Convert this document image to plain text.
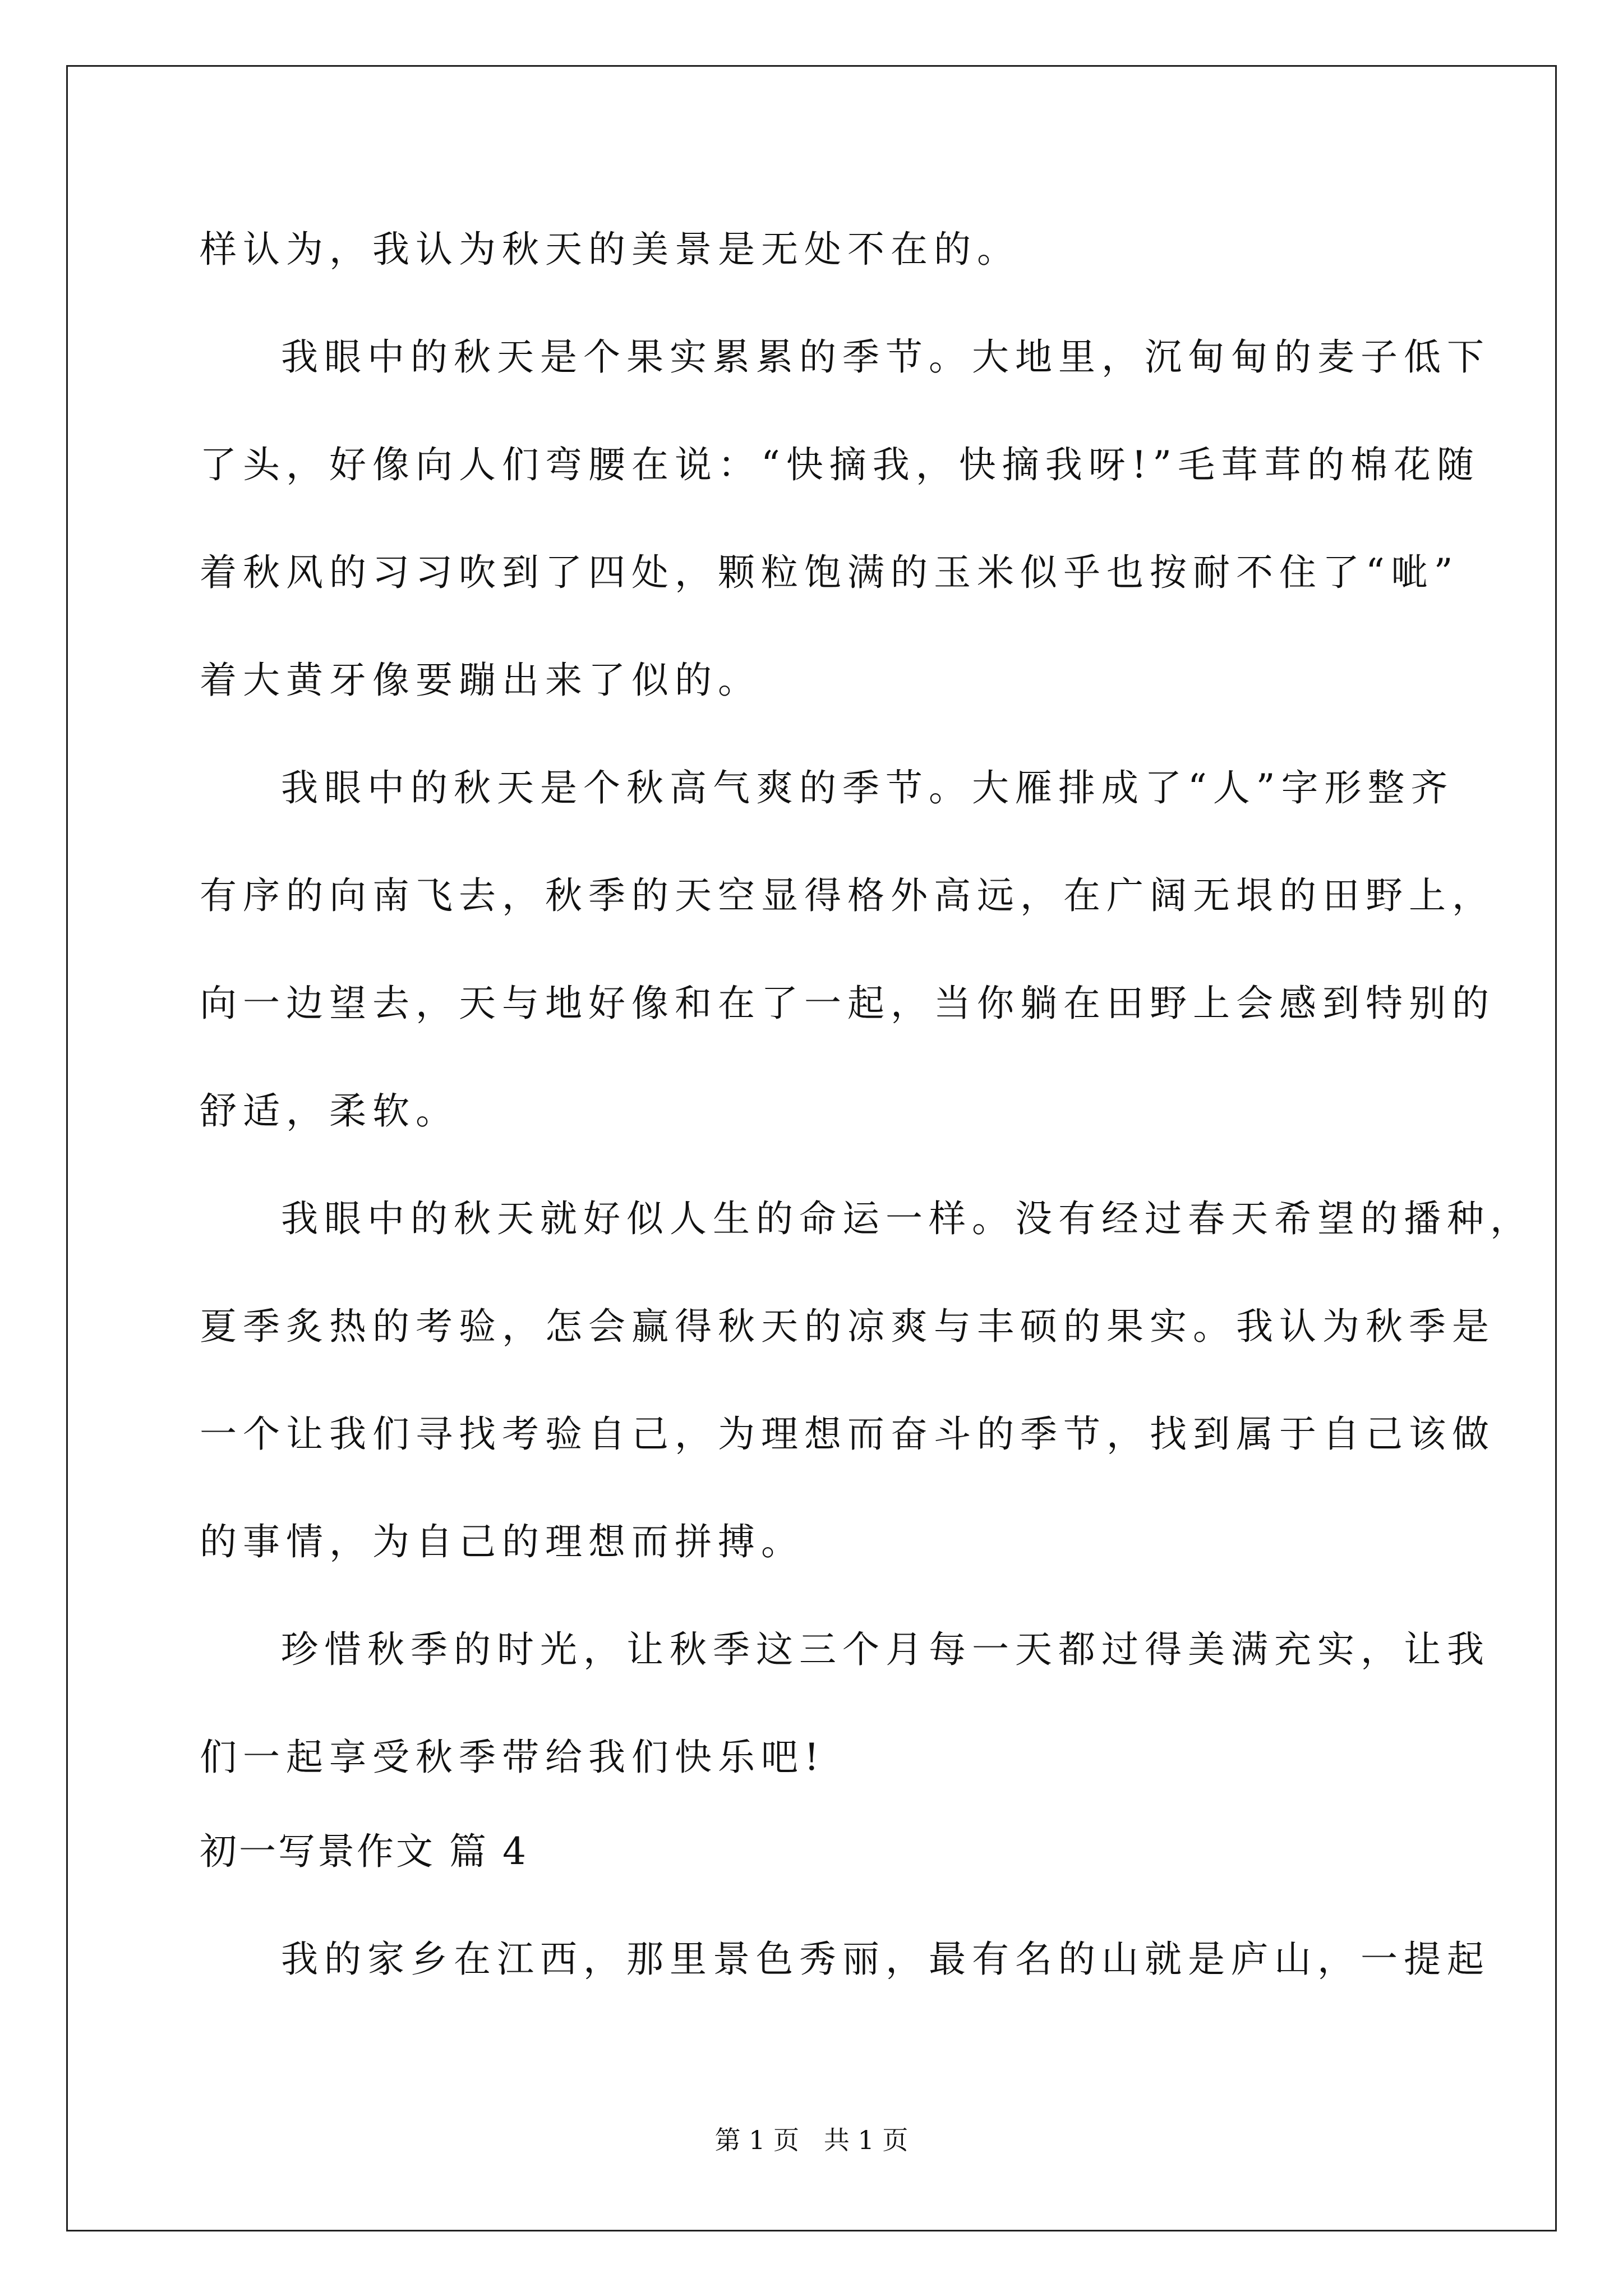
样认为，我认为秋天的美景是无处不在的。
我眼中的秋天是个果实累累的季节。大地里，沉甸甸的麦子低下
了头，好像向人们弯腰在说：“快摘我，快摘我呀!”毛茸茸的棉花随
着秋风的习习吹到了四处，颗粒饱满的玉米似乎也按耐不住了“呲”
着大黄牙像要蹦出来了似的。
我眼中的秋天是个秋高气爽的季节。大雁排成了“人”字形整齐
有序的向南飞去，秋季的天空显得格外高远，在广阔无垠的田野上，
向一边望去，天与地好像和在了一起，当你躺在田野上会感到特别的
舒适，柔软。
我眼中的秋天就好似人生的命运一样。没有经过春天希望的播种，
夏季炙热的考验，怎会赢得秋天的凉爽与丰硕的果实。我认为秋季是
一个让我们寻找考验自己，为理想而奋斗的季节，找到属于自己该做
的事情，为自己的理想而拼搏。
珍惜秋季的时光，让秋季这三个月每一天都过得美满充实，让我
们一起享受秋季带给我们快乐吧!
初一写景作文 篇 4
我的家乡在江西，那里景色秀丽，最有名的山就是庐山，一提起
第 1 页   共 1 页
